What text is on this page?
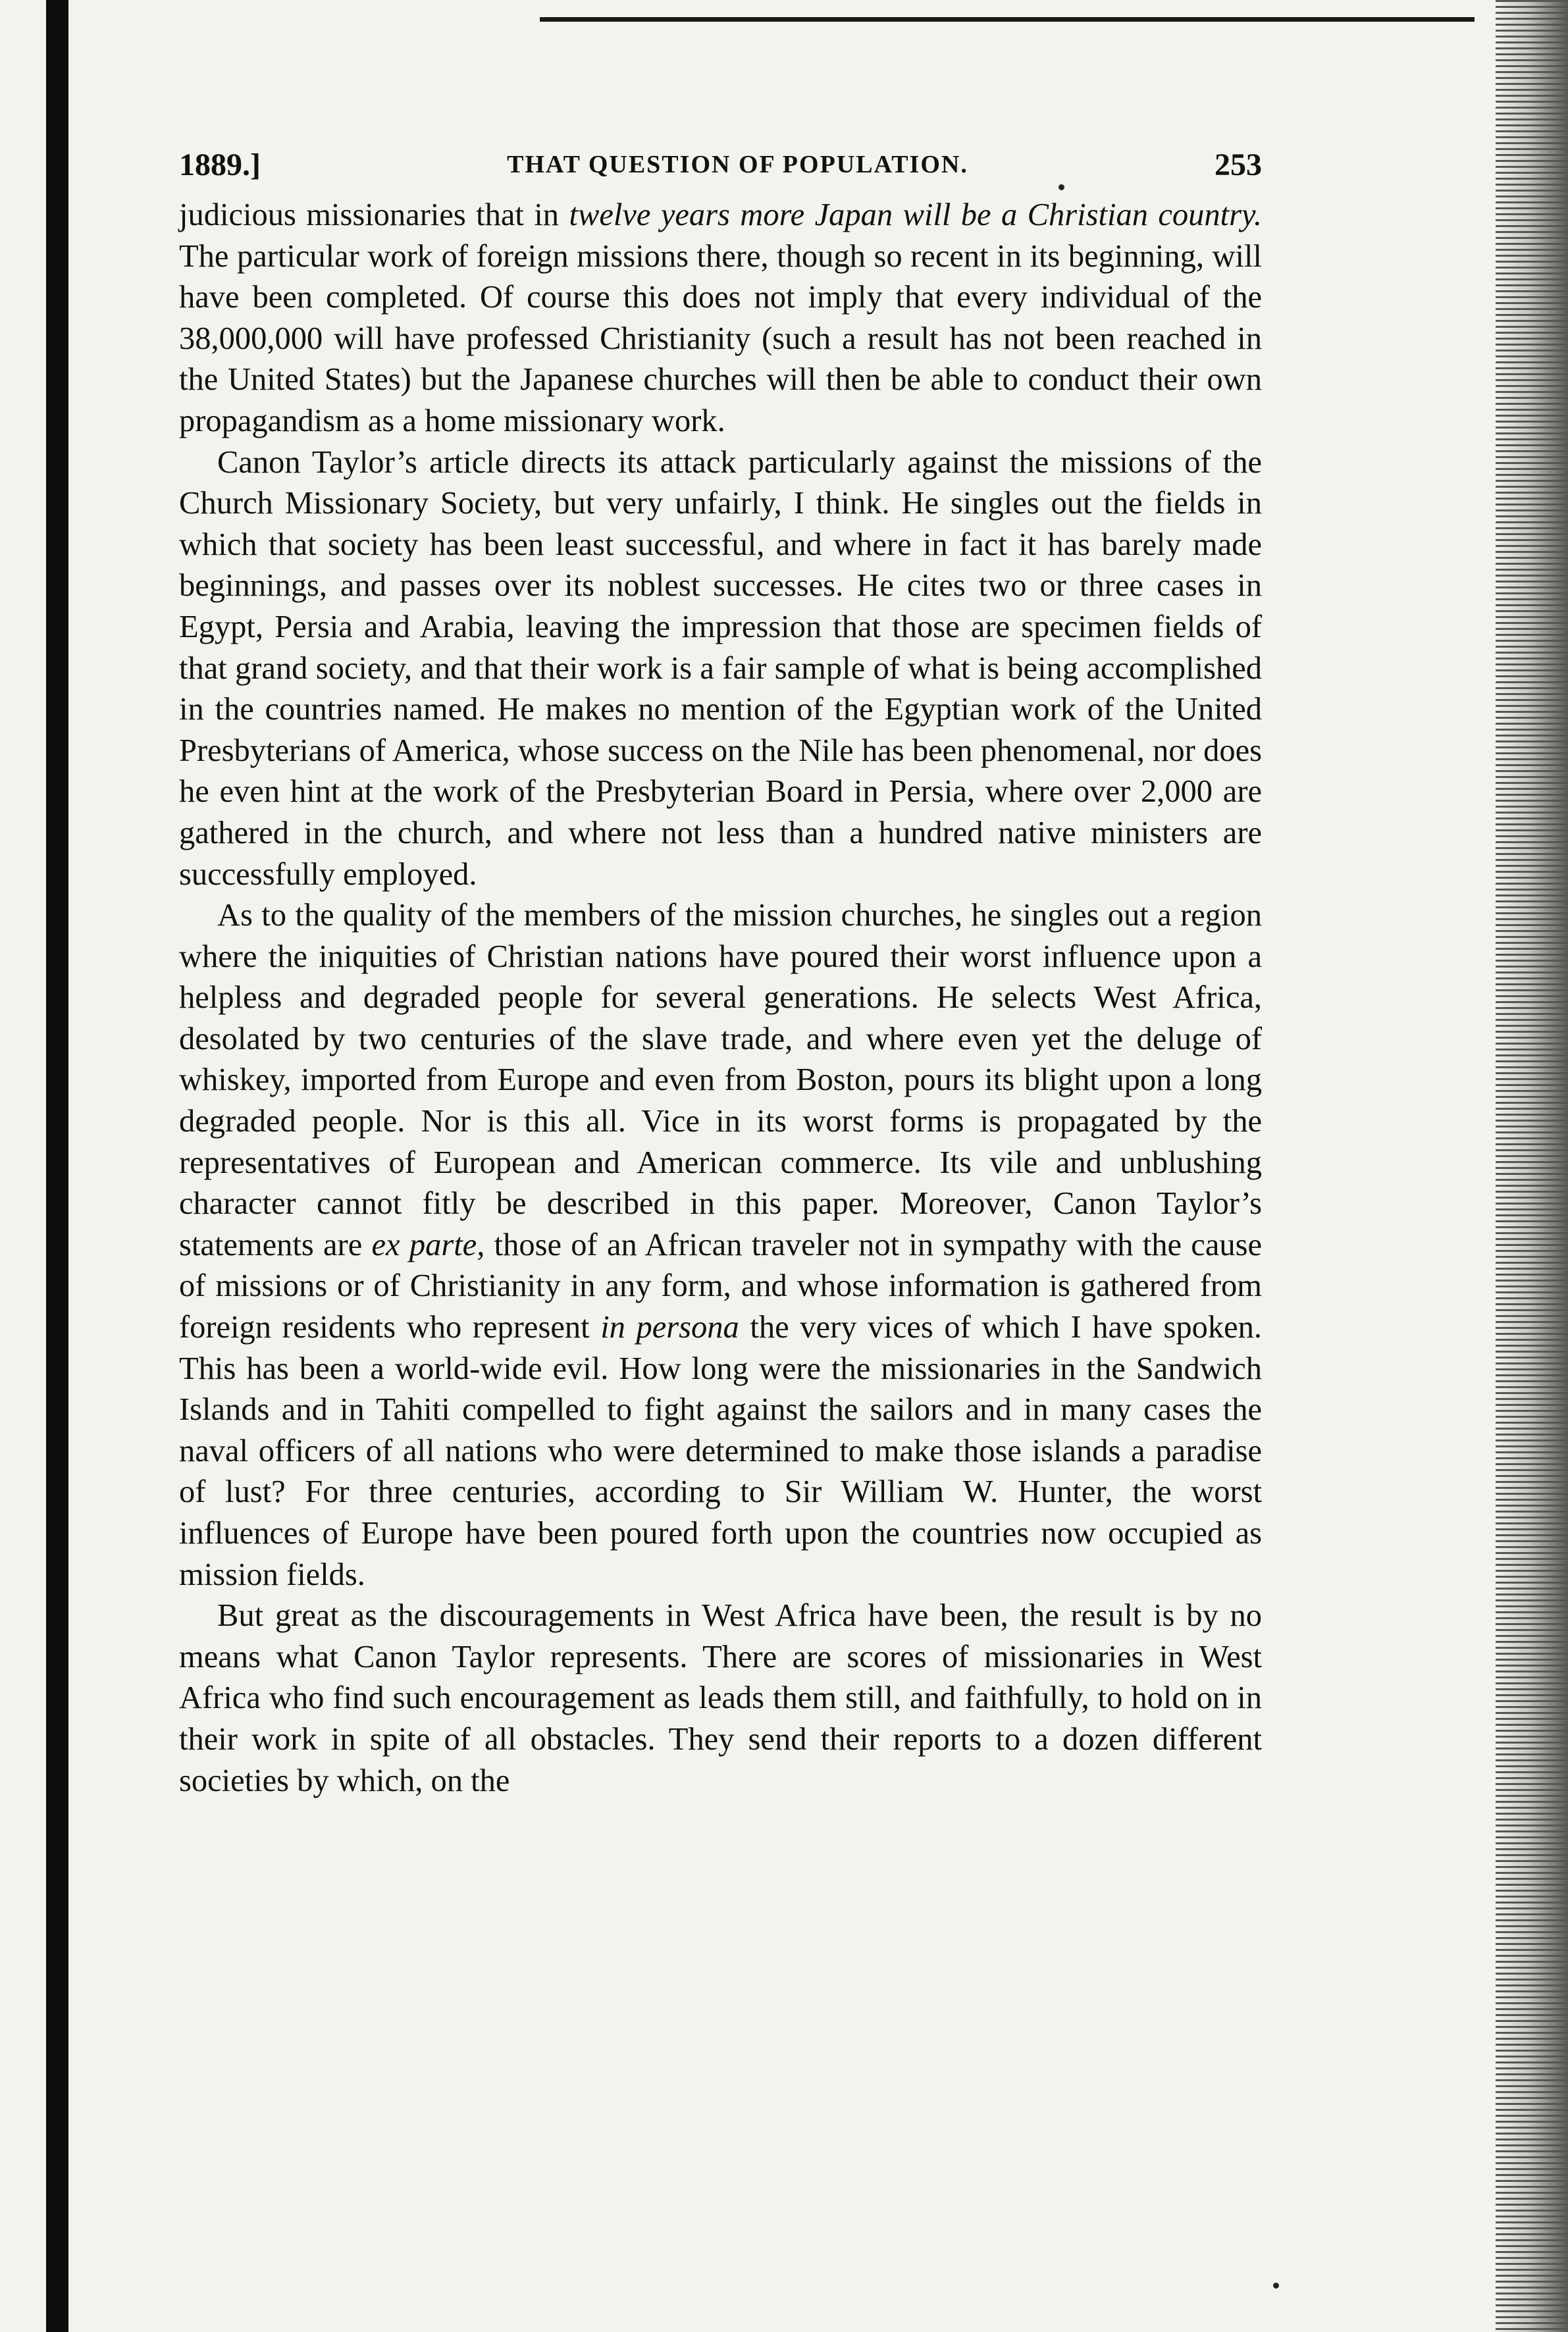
1889.]	THAT QUESTION OF POPULATION.	253

judicious missionaries that in twelve years more Japan will be a Christian country. The particular work of foreign missions there, though so recent in its beginning, will have been completed. Of course this does not imply that every individual of the 38,000,000 will have professed Christianity (such a result has not been reached in the United States) but the Japanese churches will then be able to conduct their own propagandism as a home missionary work.

Canon Taylor’s article directs its attack particularly against the missions of the Church Missionary Society, but very unfairly, I think. He singles out the fields in which that society has been least successful, and where in fact it has barely made beginnings, and passes over its noblest successes. He cites two or three cases in Egypt, Persia and Arabia, leaving the impression that those are specimen fields of that grand society, and that their work is a fair sample of what is being accomplished in the countries named. He makes no mention of the Egyptian work of the United Presbyterians of America, whose success on the Nile has been phenomenal, nor does he even hint at the work of the Presbyterian Board in Persia, where over 2,000 are gathered in the church, and where not less than a hundred native ministers are successfully employed.

As to the quality of the members of the mission churches, he singles out a region where the iniquities of Christian nations have poured their worst influence upon a helpless and degraded people for several generations. He selects West Africa, desolated by two centuries of the slave trade, and where even yet the deluge of whiskey, imported from Europe and even from Boston, pours its blight upon a long degraded people. Nor is this all. Vice in its worst forms is propagated by the representatives of European and American commerce. Its vile and unblushing character cannot fitly be described in this paper. Moreover, Canon Taylor’s statements are ex parte, those of an African traveler not in sympathy with the cause of missions or of Christianity in any form, and whose information is gathered from foreign residents who represent in persona the very vices of which I have spoken. This has been a world-wide evil. How long were the missionaries in the Sandwich Islands and in Tahiti compelled to fight against the sailors and in many cases the naval officers of all nations who were determined to make those islands a paradise of lust? For three centuries, according to Sir William W. Hunter, the worst influences of Europe have been poured forth upon the countries now occupied as mission fields.

But great as the discouragements in West Africa have been, the result is by no means what Canon Taylor represents. There are scores of missionaries in West Africa who find such encouragement as leads them still, and faithfully, to hold on in their work in spite of all obstacles. They send their reports to a dozen different societies by which, on the
